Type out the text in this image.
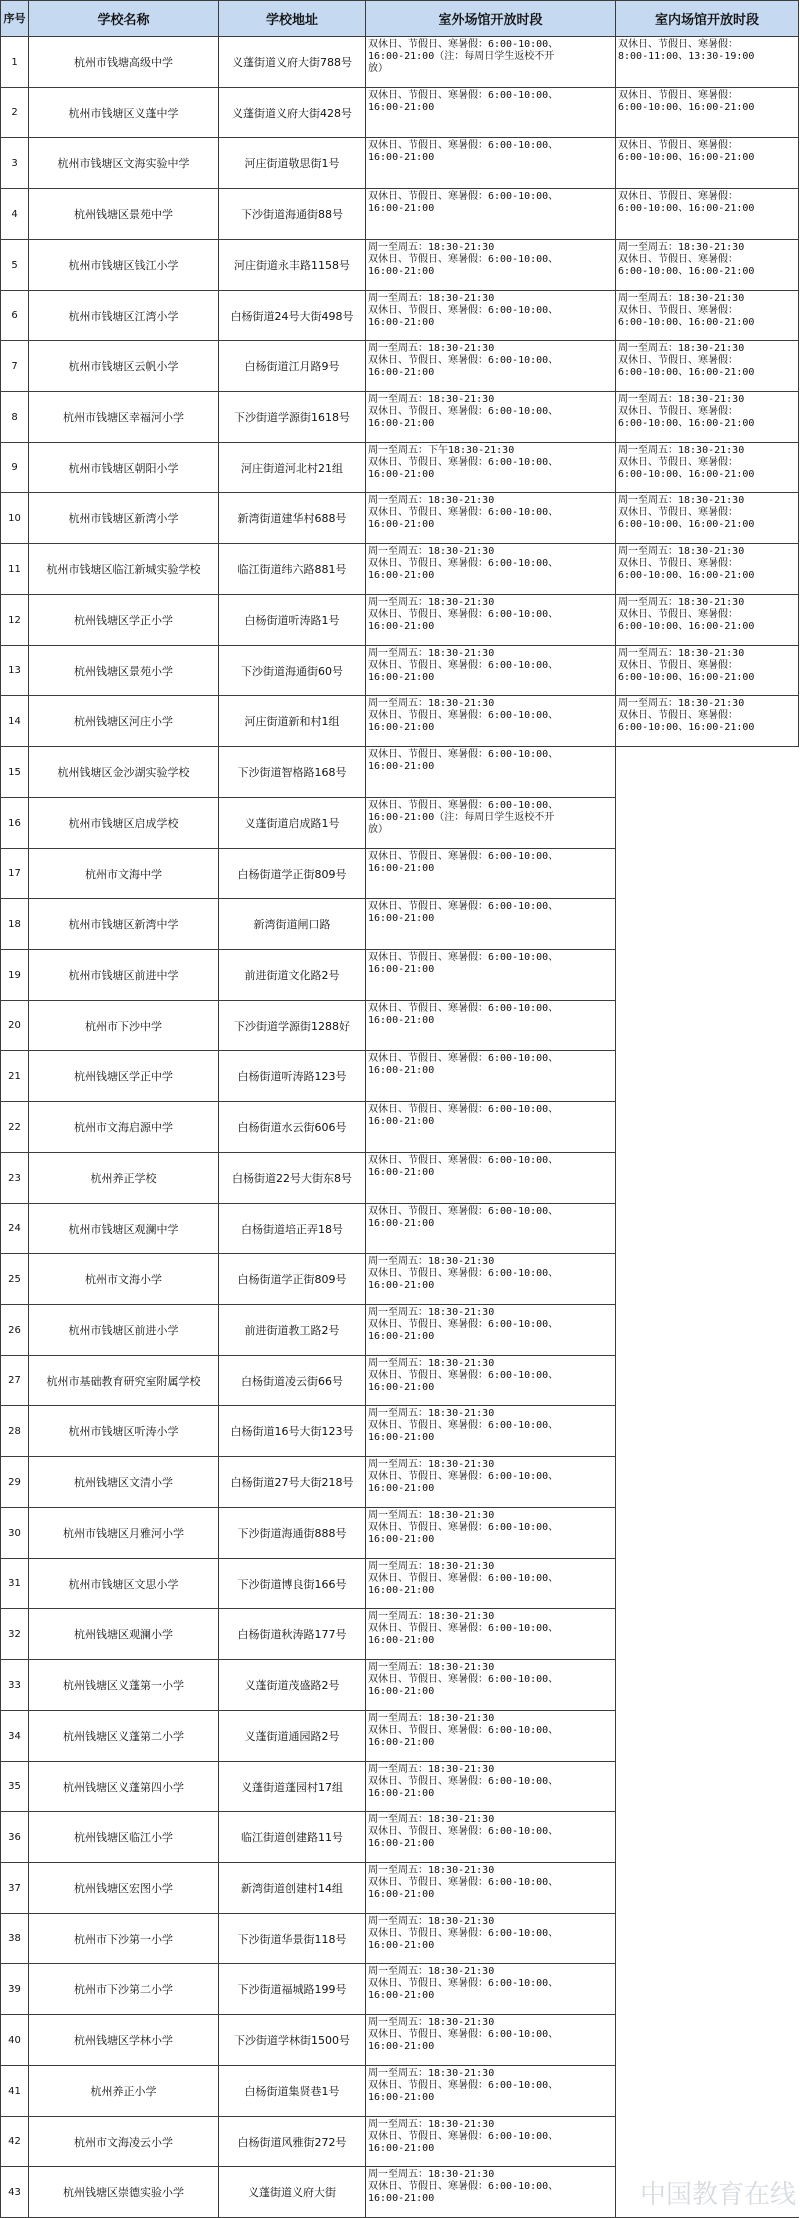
序号	学校名称	学校地址	室外场馆开放时段	室内场馆开放时段
1	杭州市钱塘高级中学	义蓬街道义府大街788号	双休日、节假日、寒暑假：6:00-10:00、
16:00-21:00（注：每周日学生返校不开
放）	双休日、节假日、寒暑假：
8:00-11:00、13:30-19:00

2	杭州市钱塘区义蓬中学	义蓬街道义府大街428号	双休日、节假日、寒暑假：6:00-10:00、
16:00-21:00	双休日、节假日、寒暑假：
6:00-10:00、16:00-21:00

3	杭州市钱塘区文海实验中学	河庄街道敬思街1号	双休日、节假日、寒暑假：6:00-10:00、
16:00-21:00	双休日、节假日、寒暑假：
6:00-10:00、16:00-21:00

4	杭州钱塘区景苑中学	下沙街道海通街88号	双休日、节假日、寒暑假：6:00-10:00、
16:00-21:00	双休日、节假日、寒暑假：
6:00-10:00、16:00-21:00

5	杭州市钱塘区钱江小学	河庄街道永丰路1158号	周一至周五：18:30-21:30
双休日、节假日、寒暑假：6:00-10:00、
16:00-21:00	周一至周五：18:30-21:30
双休日、节假日、寒暑假：
6:00-10:00、16:00-21:00

6	杭州市钱塘区江湾小学	白杨街道24号大街498号	周一至周五：18:30-21:30
双休日、节假日、寒暑假：6:00-10:00、
16:00-21:00	周一至周五：18:30-21:30
双休日、节假日、寒暑假：
6:00-10:00、16:00-21:00

7	杭州市钱塘区云帆小学	白杨街道江月路9号	周一至周五：18:30-21:30
双休日、节假日、寒暑假：6:00-10:00、
16:00-21:00	周一至周五：18:30-21:30
双休日、节假日、寒暑假：
6:00-10:00、16:00-21:00

8	杭州市钱塘区幸福河小学	下沙街道学源街1618号	周一至周五：18:30-21:30
双休日、节假日、寒暑假：6:00-10:00、
16:00-21:00	周一至周五：18:30-21:30
双休日、节假日、寒暑假：
6:00-10:00、16:00-21:00

9	杭州市钱塘区朝阳小学	河庄街道河北村21组	周一至周五：下午18:30-21:30
双休日、节假日、寒暑假：6:00-10:00、
16:00-21:00	周一至周五：18:30-21:30
双休日、节假日、寒暑假：
6:00-10:00、16:00-21:00

10	杭州市钱塘区新湾小学	新湾街道建华村688号	周一至周五：18:30-21:30
双休日、节假日、寒暑假：6:00-10:00、
16:00-21:00	周一至周五：18:30-21:30
双休日、节假日、寒暑假：
6:00-10:00、16:00-21:00

11	杭州市钱塘区临江新城实验学校	临江街道纬六路881号	周一至周五：18:30-21:30
双休日、节假日、寒暑假：6:00-10:00、
16:00-21:00	周一至周五：18:30-21:30
双休日、节假日、寒暑假：
6:00-10:00、16:00-21:00

12	杭州钱塘区学正小学	白杨街道听涛路1号	周一至周五：18:30-21:30
双休日、节假日、寒暑假：6:00-10:00、
16:00-21:00	周一至周五：18:30-21:30
双休日、节假日、寒暑假：
6:00-10:00、16:00-21:00

13	杭州钱塘区景苑小学	下沙街道海通街60号	周一至周五：18:30-21:30
双休日、节假日、寒暑假：6:00-10:00、
16:00-21:00	周一至周五：18:30-21:30
双休日、节假日、寒暑假：
6:00-10:00、16:00-21:00

14	杭州钱塘区河庄小学	河庄街道新和村1组	周一至周五：18:30-21:30
双休日、节假日、寒暑假：6:00-10:00、
16:00-21:00	周一至周五：18:30-21:30
双休日、节假日、寒暑假：
6:00-10:00、16:00-21:00

15	杭州钱塘区金沙湖实验学校	下沙街道智格路168号	双休日、节假日、寒暑假：6:00-10:00、
16:00-21:00	

16	杭州市钱塘区启成学校	义蓬街道启成路1号	双休日、节假日、寒暑假：6:00-10:00、
16:00-21:00（注：每周日学生返校不开
放）	

17	杭州市文海中学	白杨街道学正街809号	双休日、节假日、寒暑假：6:00-10:00、
16:00-21:00	

18	杭州市钱塘区新湾中学	新湾街道闸口路	双休日、节假日、寒暑假：6:00-10:00、
16:00-21:00	

19	杭州市钱塘区前进中学	前进街道文化路2号	双休日、节假日、寒暑假：6:00-10:00、
16:00-21:00	

20	杭州市下沙中学	下沙街道学源街1288好	双休日、节假日、寒暑假：6:00-10:00、
16:00-21:00	

21	杭州钱塘区学正中学	白杨街道听涛路123号	双休日、节假日、寒暑假：6:00-10:00、
16:00-21:00	

22	杭州市文海启源中学	白杨街道水云街606号	双休日、节假日、寒暑假：6:00-10:00、
16:00-21:00	

23	杭州养正学校	白杨街道22号大街东8号	双休日、节假日、寒暑假：6:00-10:00、
16:00-21:00	

24	杭州市钱塘区观澜中学	白杨街道培正弄18号	双休日、节假日、寒暑假：6:00-10:00、
16:00-21:00	

25	杭州市文海小学	白杨街道学正街809号	周一至周五：18:30-21:30
双休日、节假日、寒暑假：6:00-10:00、
16:00-21:00	

26	杭州市钱塘区前进小学	前进街道教工路2号	周一至周五：18:30-21:30
双休日、节假日、寒暑假：6:00-10:00、
16:00-21:00	

27	杭州市基础教育研究室附属学校	白杨街道凌云街66号	周一至周五：18:30-21:30
双休日、节假日、寒暑假：6:00-10:00、
16:00-21:00	

28	杭州市钱塘区听涛小学	白杨街道16号大街123号	周一至周五：18:30-21:30
双休日、节假日、寒暑假：6:00-10:00、
16:00-21:00	

29	杭州钱塘区文清小学	白杨街道27号大街218号	周一至周五：18:30-21:30
双休日、节假日、寒暑假：6:00-10:00、
16:00-21:00	

30	杭州市钱塘区月雅河小学	下沙街道海通街888号	周一至周五：18:30-21:30
双休日、节假日、寒暑假：6:00-10:00、
16:00-21:00	

31	杭州市钱塘区文思小学	下沙街道博良街166号	周一至周五：18:30-21:30
双休日、节假日、寒暑假：6:00-10:00、
16:00-21:00	

32	杭州钱塘区观澜小学	白杨街道秋涛路177号	周一至周五：18:30-21:30
双休日、节假日、寒暑假：6:00-10:00、
16:00-21:00	

33	杭州钱塘区义蓬第一小学	义蓬街道茂盛路2号	周一至周五：18:30-21:30
双休日、节假日、寒暑假：6:00-10:00、
16:00-21:00	

34	杭州钱塘区义蓬第二小学	义蓬街道通园路2号	周一至周五：18:30-21:30
双休日、节假日、寒暑假：6:00-10:00、
16:00-21:00	

35	杭州钱塘区义蓬第四小学	义蓬街道蓬园村17组	周一至周五：18:30-21:30
双休日、节假日、寒暑假：6:00-10:00、
16:00-21:00	

36	杭州钱塘区临江小学	临江街道创建路11号	周一至周五：18:30-21:30
双休日、节假日、寒暑假：6:00-10:00、
16:00-21:00	

37	杭州钱塘区宏图小学	新湾街道创建村14组	周一至周五：18:30-21:30
双休日、节假日、寒暑假：6:00-10:00、
16:00-21:00	

38	杭州市下沙第一小学	下沙街道华景街118号	周一至周五：18:30-21:30
双休日、节假日、寒暑假：6:00-10:00、
16:00-21:00	

39	杭州市下沙第二小学	下沙街道福城路199号	周一至周五：18:30-21:30
双休日、节假日、寒暑假：6:00-10:00、
16:00-21:00	

40	杭州钱塘区学林小学	下沙街道学林街1500号	周一至周五：18:30-21:30
双休日、节假日、寒暑假：6:00-10:00、
16:00-21:00	

41	杭州养正小学	白杨街道集贤巷1号	周一至周五：18:30-21:30
双休日、节假日、寒暑假：6:00-10:00、
16:00-21:00	

42	杭州市文海凌云小学	白杨街道风雅街272号	周一至周五：18:30-21:30
双休日、节假日、寒暑假：6:00-10:00、
16:00-21:00	

43	杭州钱塘区崇德实验小学	义蓬街道义府大街	周一至周五：18:30-21:30
双休日、节假日、寒暑假：6:00-10:00、
16:00-21:00		中国教育在线
